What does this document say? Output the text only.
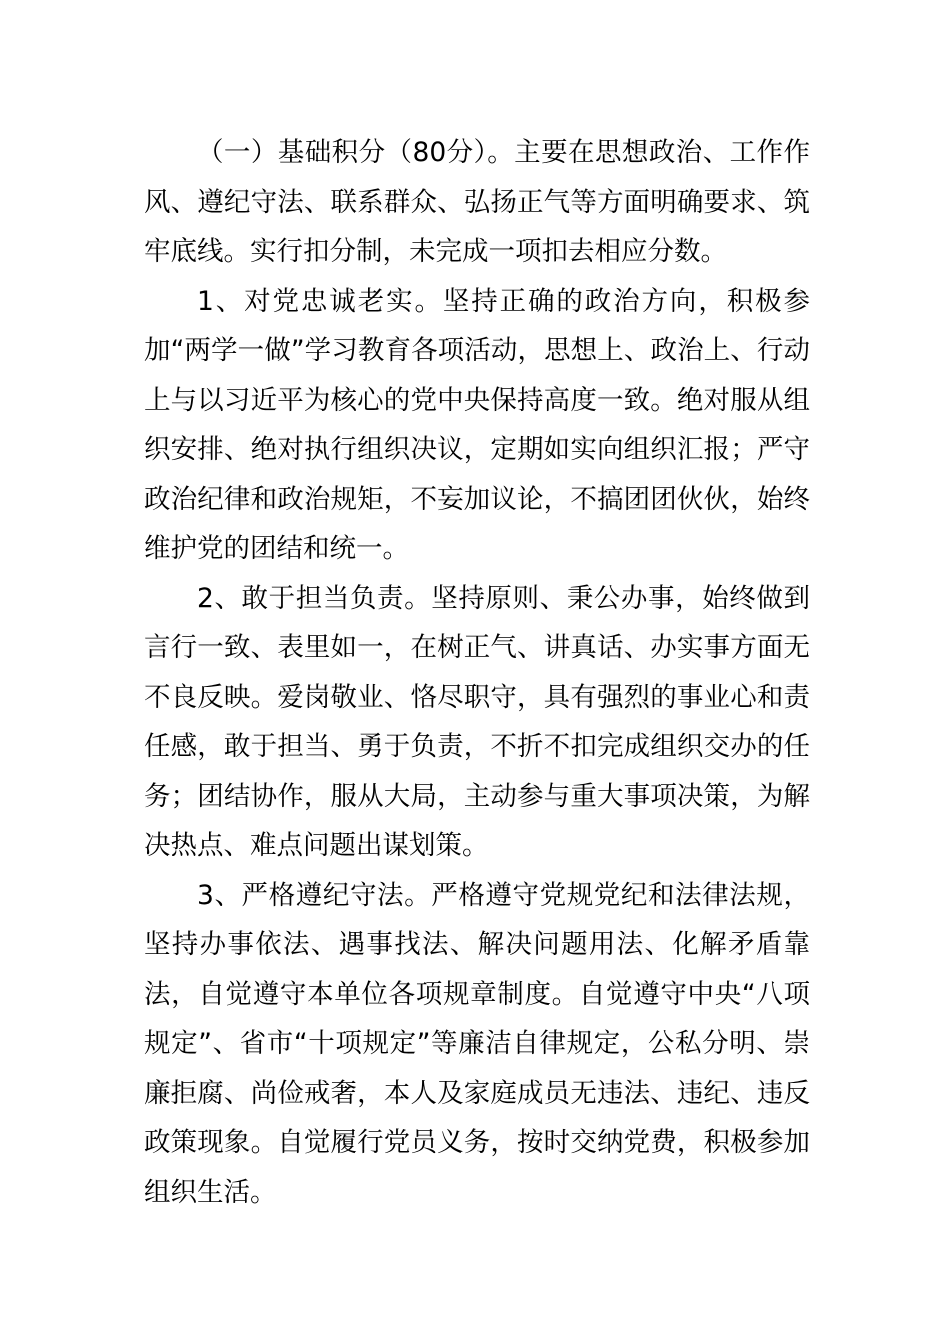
（一）基础积分（80分）。主要在思想政治、工作作风、遵纪守法、联系群众、弘扬正气等方面明确要求、筑牢底线。实行扣分制，未完成一项扣去相应分数。

1、对党忠诚老实。坚持正确的政治方向，积极参加“两学一做”学习教育各项活动，思想上、政治上、行动上与以习近平为核心的党中央保持高度一致。绝对服从组织安排、绝对执行组织决议，定期如实向组织汇报；严守政治纪律和政治规矩，不妄加议论，不搞团团伙伙，始终维护党的团结和统一。

2、敢于担当负责。坚持原则、秉公办事，始终做到言行一致、表里如一，在树正气、讲真话、办实事方面无不良反映。爱岗敬业、恪尽职守，具有强烈的事业心和责任感，敢于担当、勇于负责，不折不扣完成组织交办的任务；团结协作，服从大局，主动参与重大事项决策，为解决热点、难点问题出谋划策。

3、严格遵纪守法。严格遵守党规党纪和法律法规，坚持办事依法、遇事找法、解决问题用法、化解矛盾靠法，自觉遵守本单位各项规章制度。自觉遵守中央“八项规定”、省市“十项规定”等廉洁自律规定，公私分明、崇廉拒腐、尚俭戒奢，本人及家庭成员无违法、违纪、违反政策现象。自觉履行党员义务，按时交纳党费，积极参加组织生活。
